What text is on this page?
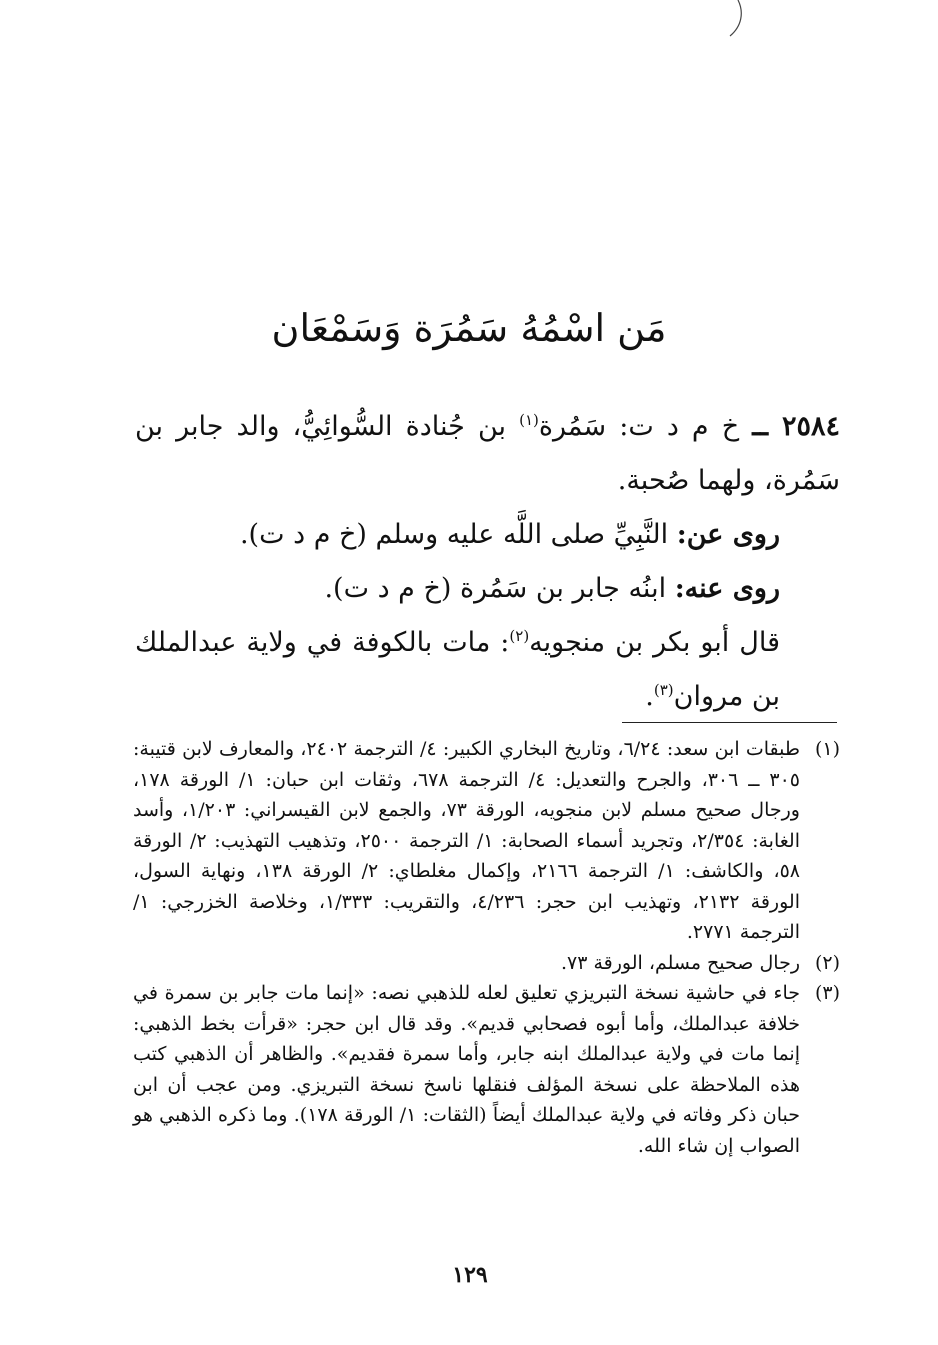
مَن اسْمُهُ سَمُرَة وَسَمْعَان

٢٥٨٤ ــ خ م د ت: سَمُرة$^{(١)}$ بن جُنادة السُّوائِيُّ، والد جابر بن سَمُرة، ولهما صُحبة.

روى عن: النَّبِيِّ صلى اللَّه عليه وسلم (خ م د ت).

روى عنه: ابنُه جابر بن سَمُرة (خ م د ت).

قال أبو بكر بن منجويه$^{(٢)}$: مات بالكوفة في ولاية عبدالملك بن مروان$^{(٣)}$.

(١)
طبقات ابن سعد: ٦/٢٤، وتاريخ البخاري الكبير: ٤/ الترجمة ٢٤٠٢، والمعارف لابن قتيبة: ٣٠٥ ــ ٣٠٦، والجرح والتعديل: ٤/ الترجمة ٦٧٨، وثقات ابن حبان: ١/ الورقة ١٧٨، ورجال صحيح مسلم لابن منجويه، الورقة ٧٣، والجمع لابن القيسراني: ١/٢٠٣، وأسد الغابة: ٢/٣٥٤، وتجريد أسماء الصحابة: ١/ الترجمة ٢٥٠٠، وتذهيب التهذيب: ٢/ الورقة ٥٨، والكاشف: ١/ الترجمة ٢١٦٦، وإكمال مغلطاي: ٢/ الورقة ١٣٨، ونهاية السول، الورقة ٢١٣٢، وتهذيب ابن حجر: ٤/٢٣٦، والتقريب: ١/٣٣٣، وخلاصة الخزرجي: ١/ الترجمة ٢٧٧١.
(٢)
رجال صحيح مسلم، الورقة ٧٣.
(٣)
جاء في حاشية نسخة التبريزي تعليق لعله للذهبي نصه: «إنما مات جابر بن سمرة في خلافة عبدالملك، وأما أبوه فصحابي قديم». وقد قال ابن حجر: «قرأت بخط الذهبي: إنما مات في ولاية عبدالملك ابنه جابر، وأما سمرة فقديم». والظاهر أن الذهبي كتب هذه الملاحظة على نسخة المؤلف فنقلها ناسخ نسخة التبريزي. ومن عجب أن ابن حبان ذكر وفاته في ولاية عبدالملك أيضاً (الثقات: ١/ الورقة ١٧٨). وما ذكره الذهبي هو الصواب إن شاء الله.
١٢٩
